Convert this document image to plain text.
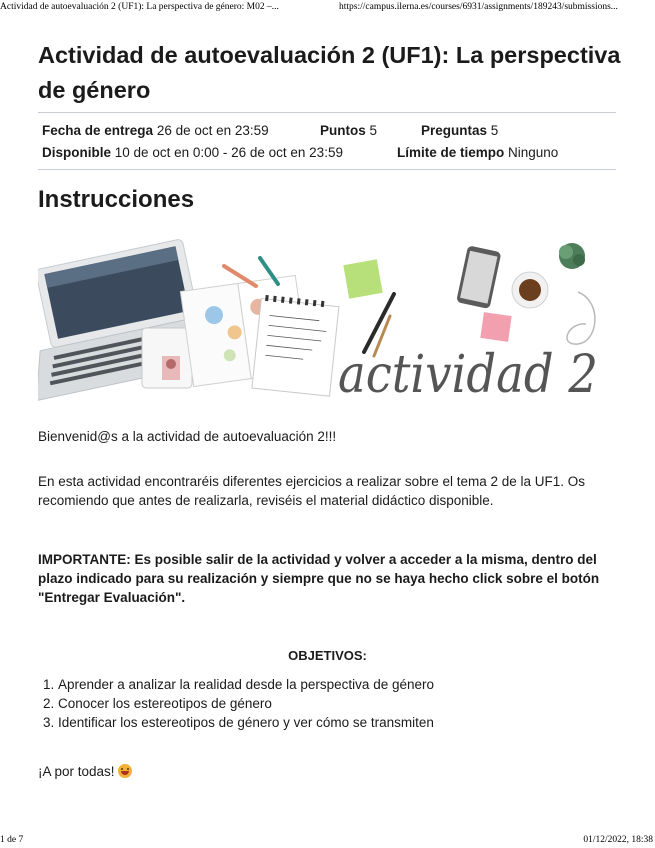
Actividad de autoevaluación 2 (UF1): La perspectiva de género: M02 –...	https://campus.ilerna.es/courses/6931/assignments/189243/submissions...
Actividad de autoevaluación 2 (UF1): La perspectiva de género
Fecha de entrega 26 de oct en 23:59	Puntos 5	Preguntas 5
Disponible 10 de oct en 0:00 - 26 de oct en 23:59	Límite de tiempo Ninguno
Instrucciones
actividad 2

Bienvenid@s a la actividad de autoevaluación 2!!!

En esta actividad encontraréis diferentes ejercicios a realizar sobre el tema 2 de la UF1. Os recomiendo que antes de realizarla, reviséis el material didáctico disponible.

IMPORTANTE: Es posible salir de la actividad y volver a acceder a la misma, dentro del plazo indicado para su realización y siempre que no se haya hecho click sobre el botón "Entregar Evaluación".

OBJETIVOS:
1. Aprender a analizar la realidad desde la perspectiva de género
2. Conocer los estereotipos de género
3. Identificar los estereotipos de género y ver cómo se transmiten

¡A por todas!

1 de 7	01/12/2022, 18:38
